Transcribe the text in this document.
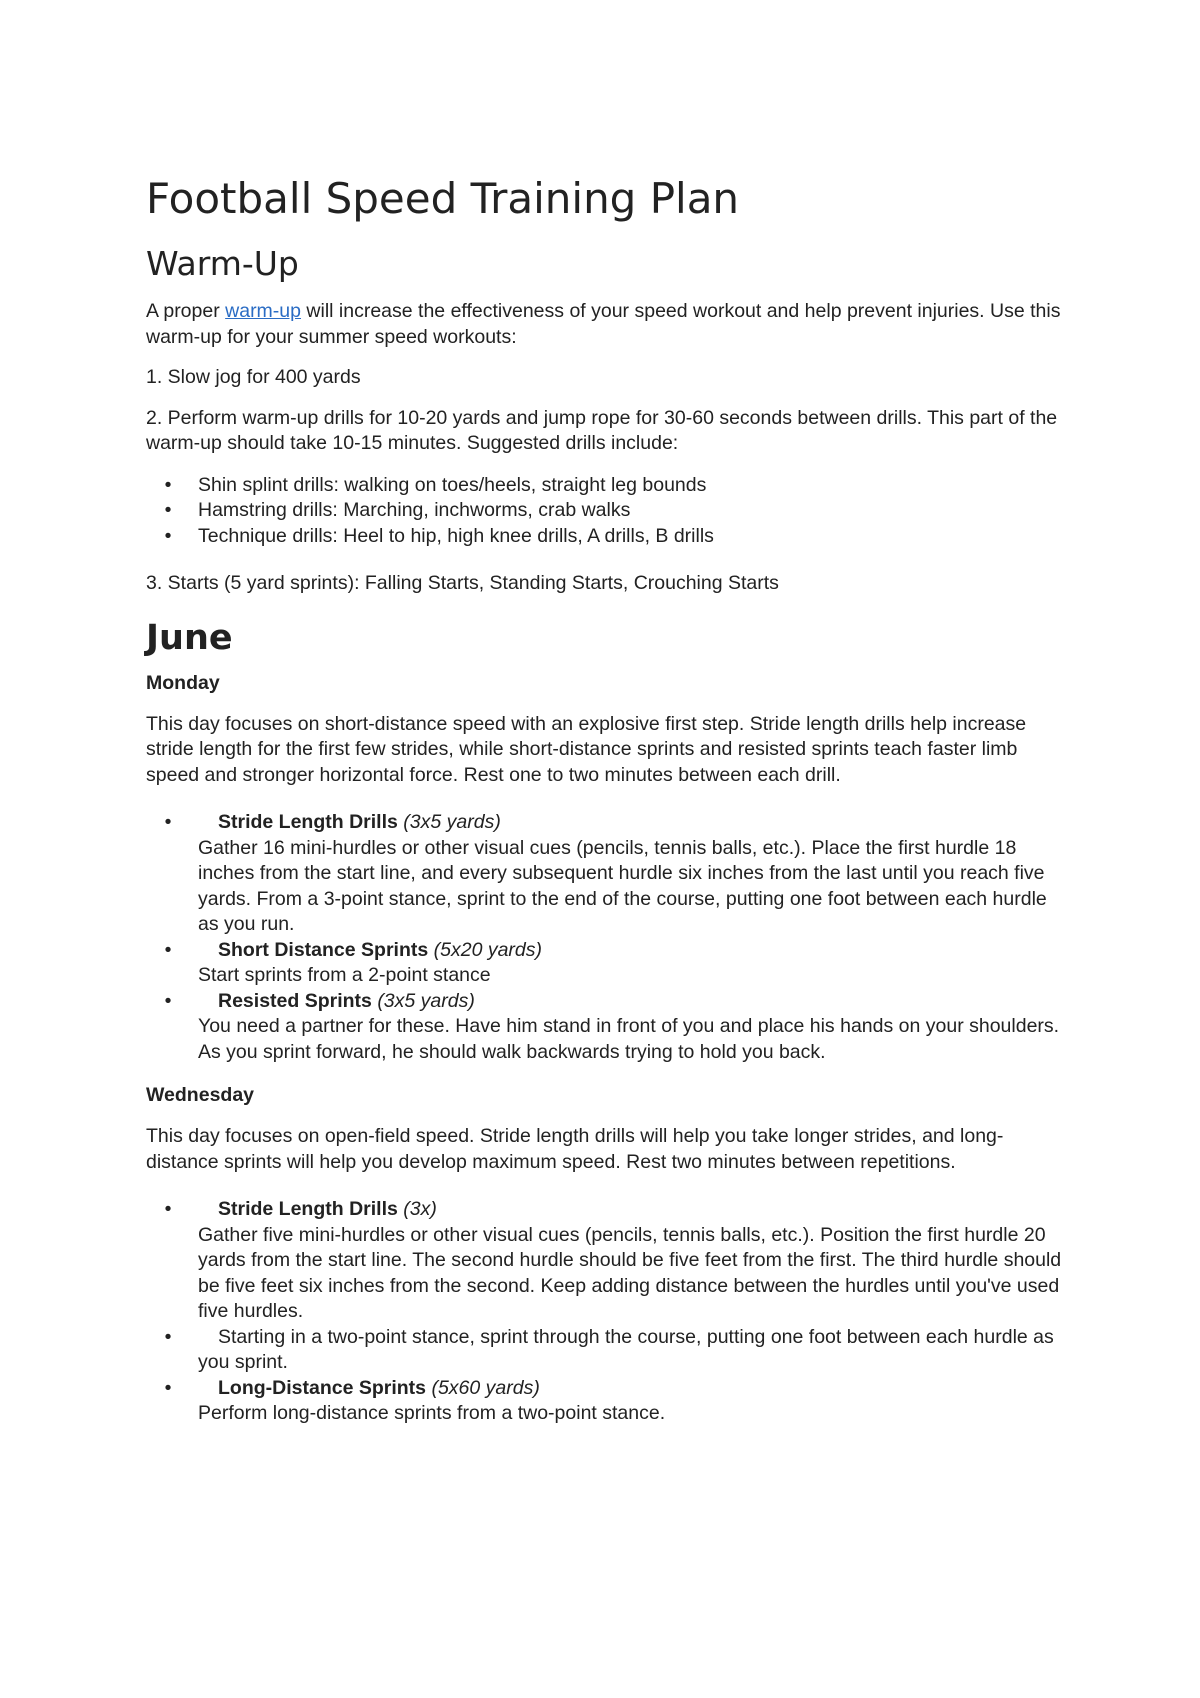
Football Speed Training Plan
Warm-Up

A proper warm-up will increase the effectiveness of your speed workout and help prevent injuries. Use this warm-up for your summer speed workouts:

1. Slow jog for 400 yards

2. Perform warm-up drills for 10-20 yards and jump rope for 30-60 seconds between drills. This part of the warm-up should take 10-15 minutes. Suggested drills include:

•	Shin splint drills: walking on toes/heels, straight leg bounds
•	Hamstring drills: Marching, inchworms, crab walks
•	Technique drills: Heel to hip, high knee drills, A drills, B drills

3. Starts (5 yard sprints): Falling Starts, Standing Starts, Crouching Starts

June
Monday

This day focuses on short-distance speed with an explosive first step. Stride length drills help increase stride length for the first few strides, while short-distance sprints and resisted sprints teach faster limb speed and stronger horizontal force. Rest one to two minutes between each drill.

•	Stride Length Drills (3x5 yards)
Gather 16 mini-hurdles or other visual cues (pencils, tennis balls, etc.). Place the first hurdle 18 inches from the start line, and every subsequent hurdle six inches from the last until you reach five yards. From a 3-point stance, sprint to the end of the course, putting one foot between each hurdle as you run.
•	Short Distance Sprints (5x20 yards)
Start sprints from a 2-point stance
•	Resisted Sprints (3x5 yards)
You need a partner for these. Have him stand in front of you and place his hands on your shoulders. As you sprint forward, he should walk backwards trying to hold you back.
Wednesday

This day focuses on open-field speed. Stride length drills will help you take longer strides, and long-distance sprints will help you develop maximum speed. Rest two minutes between repetitions.

•	Stride Length Drills (3x)
Gather five mini-hurdles or other visual cues (pencils, tennis balls, etc.). Position the first hurdle 20 yards from the start line. The second hurdle should be five feet from the first. The third hurdle should be five feet six inches from the second. Keep adding distance between the hurdles until you've used five hurdles.
•	Starting in a two-point stance, sprint through the course, putting one foot between each hurdle as you sprint.
•	Long-Distance Sprints (5x60 yards)
Perform long-distance sprints from a two-point stance.
